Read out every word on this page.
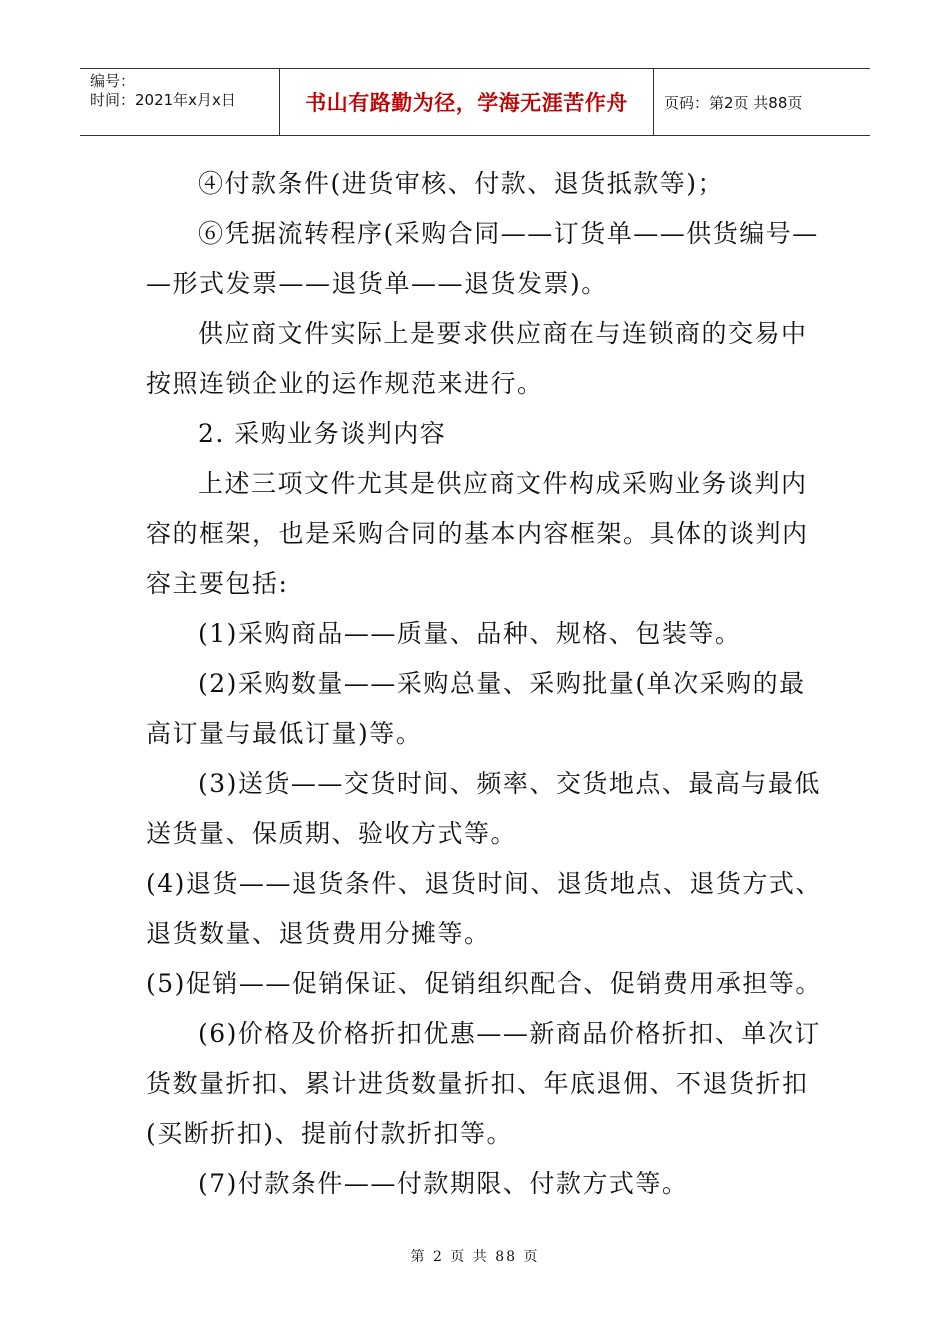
编号：
时间：2021年x月x日	书山有路勤为径，学海无涯苦作舟	页码：第2页 共88页
④付款条件(进货审核、付款、退货抵款等)；
⑥凭据流转程序(采购合同——订货单——供货编号—
—形式发票——退货单——退货发票)。
供应商文件实际上是要求供应商在与连锁商的交易中
按照连锁企业的运作规范来进行。
2. 采购业务谈判内容
上述三项文件尤其是供应商文件构成采购业务谈判内
容的框架，也是采购合同的基本内容框架。具体的谈判内
容主要包括:
(1)采购商品——质量、品种、规格、包装等。
(2)采购数量——采购总量、采购批量(单次采购的最
高订量与最低订量)等。
(3)送货——交货时间、频率、交货地点、最高与最低
送货量、保质期、验收方式等。
(4)退货——退货条件、退货时间、退货地点、退货方式、
退货数量、退货费用分摊等。
(5)促销——促销保证、促销组织配合、促销费用承担等。
(6)价格及价格折扣优惠——新商品价格折扣、单次订
货数量折扣、累计进货数量折扣、年底退佣、不退货折扣
(买断折扣)、提前付款折扣等。
(7)付款条件——付款期限、付款方式等。
第 2 页 共 88 页
